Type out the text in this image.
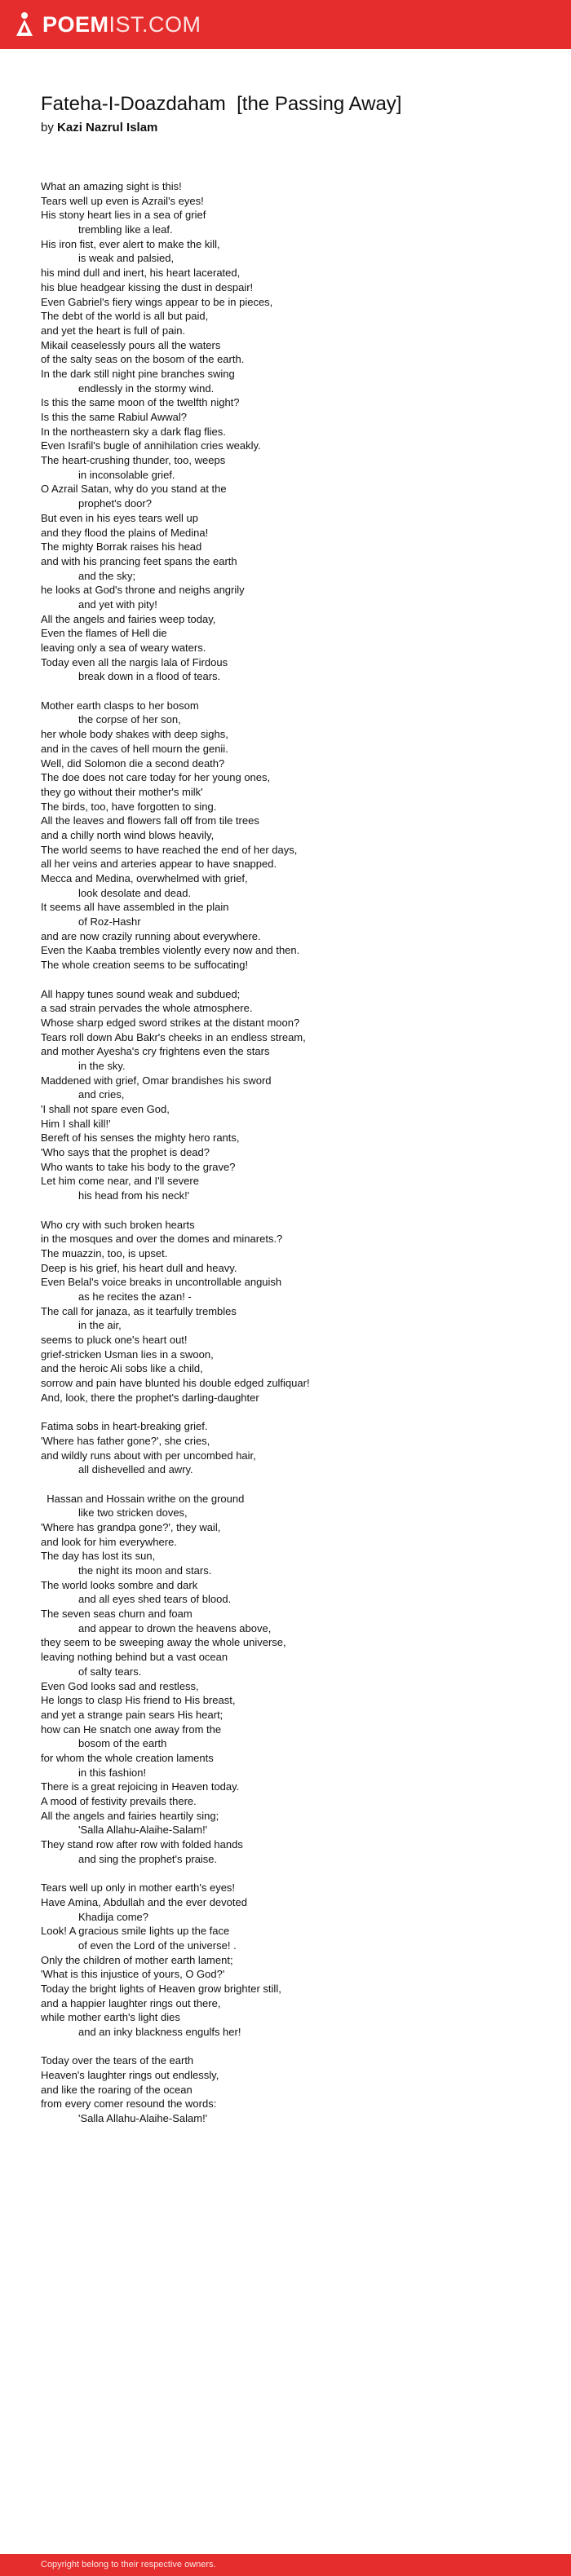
POEMIST.COM
Fateha-I-Doazdaham  [the Passing Away]
by Kazi Nazrul Islam
What an amazing sight is this!
Tears well up even is Azrail's eyes!
His stony heart lies in a sea of grief
trembling like a leaf.
His iron fist, ever alert to make the kill,
is weak and palsied,
his mind dull and inert, his heart lacerated,
his blue headgear kissing the dust in despair!
Even Gabriel's fiery wings appear to be in pieces,
The debt of the world is all but paid,
and yet the heart is full of pain.
Mikail ceaselessly pours all the waters
of the salty seas on the bosom of the earth.
In the dark still night pine branches swing
endlessly in the stormy wind.
Is this the same moon of the twelfth night?
Is this the same Rabiul Awwal?
In the northeastern sky a dark flag flies.
Even Israfil's bugle of annihilation cries weakly.
The heart-crushing thunder, too, weeps
in inconsolable grief.
O Azrail Satan, why do you stand at the
prophet's door?
But even in his eyes tears well up
and they flood the plains of Medina!
The mighty Borrak raises his head
and with his prancing feet spans the earth
and the sky;
he looks at God's throne and neighs angrily
and yet with pity!
All the angels and fairies weep today,
Even the flames of Hell die
leaving only a sea of weary waters.
Today even all the nargis lala of Firdous
break down in a flood of tears.
Mother earth clasps to her bosom
the corpse of her son,
her whole body shakes with deep sighs,
and in the caves of hell mourn the genii.
Well, did Solomon die a second death?
The doe does not care today for her young ones,
they go without their mother's milk'
The birds, too, have forgotten to sing.
All the leaves and flowers fall off from tile trees
and a chilly north wind blows heavily,
The world seems to have reached the end of her days,
all her veins and arteries appear to have snapped.
Mecca and Medina, overwhelmed with grief,
look desolate and dead.
It seems all have assembled in the plain
of Roz-Hashr
and are now crazily running about everywhere.
Even the Kaaba trembles violently every now and then.
The whole creation seems to be suffocating!
All happy tunes sound weak and subdued;
a sad strain pervades the whole atmosphere.
Whose sharp edged sword strikes at the distant moon?
Tears roll down Abu Bakr's cheeks in an endless stream,
and mother Ayesha's cry frightens even the stars
in the sky.
Maddened with grief, Omar brandishes his sword
and cries,
'I shall not spare even God,
Him I shall kill!'
Bereft of his senses the mighty hero rants,
'Who says that the prophet is dead?
Who wants to take his body to the grave?
Let him come near, and I'll severe
his head from his neck!'
Who cry with such broken hearts
in the mosques and over the domes and minarets.?
The muazzin, too, is upset.
Deep is his grief, his heart dull and heavy.
Even Belal's voice breaks in uncontrollable anguish
as he recites the azan! -
The call for janaza, as it tearfully trembles
in the air,
seems to pluck one's heart out!
grief-stricken Usman lies in a swoon,
and the heroic Ali sobs like a child,
sorrow and pain have blunted his double edged zulfiquar!
And, look, there the prophet's darling-daughter
Fatima sobs in heart-breaking grief.
'Where has father gone?', she cries,
and wildly runs about with per uncombed hair,
all dishevelled and awry.
Hassan and Hossain writhe on the ground
like two stricken doves,
'Where has grandpa gone?', they wail,
and look for him everywhere.
The day has lost its sun,
the night its moon and stars.
The world looks sombre and dark
and all eyes shed tears of blood.
The seven seas churn and foam
and appear to drown the heavens above,
they seem to be sweeping away the whole universe,
leaving nothing behind but a vast ocean
of salty tears.
Even God looks sad and restless,
He longs to clasp His friend to His breast,
and yet a strange pain sears His heart;
how can He snatch one away from the
bosom of the earth
for whom the whole creation laments
in this fashion!
There is a great rejoicing in Heaven today.
A mood of festivity prevails there.
All the angels and fairies heartily sing;
'Salla Allahu-Alaihe-Salam!'
They stand row after row with folded hands
and sing the prophet's praise.
Tears well up only in mother earth's eyes!
Have Amina, Abdullah and the ever devoted
Khadija come?
Look! A gracious smile lights up the face
of even the Lord of the universe! .
Only the children of mother earth lament;
'What is this injustice of yours, O God?'
Today the bright lights of Heaven grow brighter still,
and a happier laughter rings out there,
while mother earth's light dies
and an inky blackness engulfs her!
Today over the tears of the earth
Heaven's laughter rings out endlessly,
and like the roaring of the ocean
from every comer resound the words:
'Salla Allahu-Alaihe-Salam!'
Copyright belong to their respective owners.
